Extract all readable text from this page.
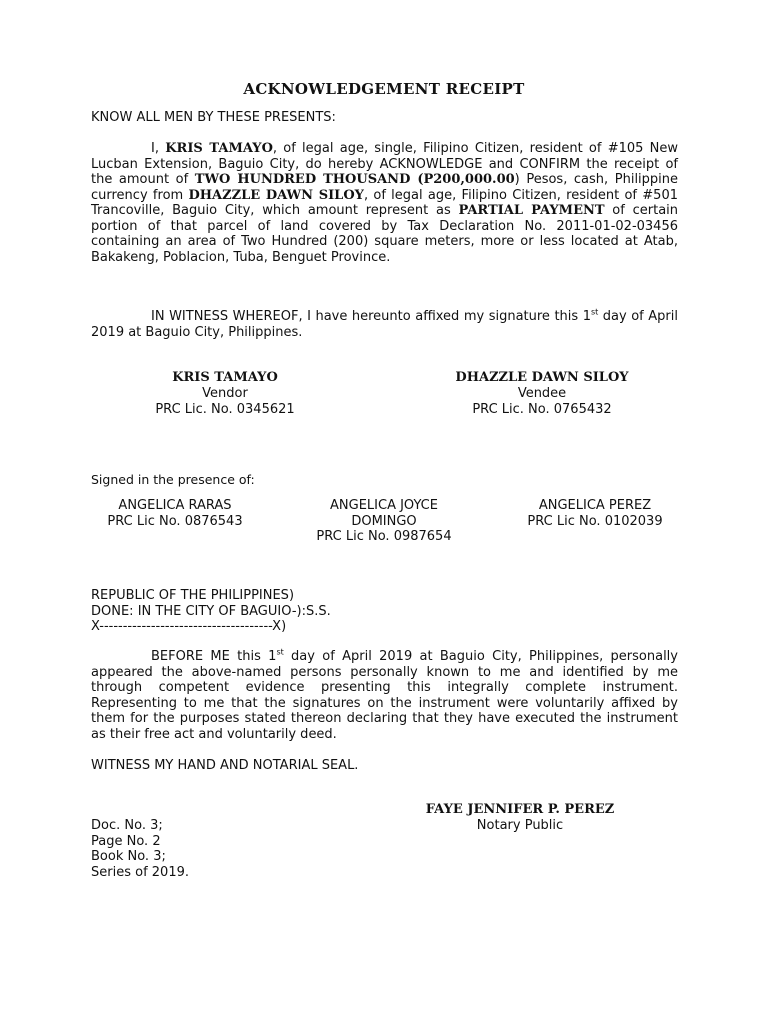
ACKNOWLEDGEMENT RECEIPT
KNOW ALL MEN BY THESE PRESENTS:
I, KRIS TAMAYO, of legal age, single, Filipino Citizen, resident of #105 New Lucban Extension, Baguio City, do hereby ACKNOWLEDGE and CONFIRM the receipt of the amount of TWO HUNDRED THOUSAND (P200,000.00) Pesos, cash, Philippine currency from DHAZZLE DAWN SILOY, of legal age, Filipino Citizen, resident of #501 Trancoville, Baguio City, which amount represent as PARTIAL PAYMENT of certain portion of that parcel of land covered by Tax Declaration No. 2011-01-02-03456 containing an area of Two Hundred (200) square meters, more or less located at Atab, Bakakeng, Poblacion, Tuba, Benguet Province.
IN WITNESS WHEREOF, I have hereunto affixed my signature this 1st day of April 2019 at Baguio City, Philippines.
KRIS TAMAYO
Vendor
PRC Lic. No. 0345621
DHAZZLE DAWN SILOY
Vendee
PRC Lic. No. 0765432
Signed in the presence of:
ANGELICA RARAS
PRC Lic No. 0876543
ANGELICA JOYCE
DOMINGO
PRC Lic No. 0987654
ANGELICA PEREZ
PRC Lic No. 0102039
REPUBLIC OF THE PHILIPPINES)
DONE: IN THE CITY OF BAGUIO-):S.S.
X-------------------------------------X)
BEFORE ME this 1st day of April 2019 at Baguio City, Philippines, personally appeared the above-named persons personally known to me and identified by me through competent evidence presenting this integrally complete instrument. Representing to me that the signatures on the instrument were voluntarily affixed by them for the purposes stated thereon declaring that they have executed the instrument as their free act and voluntarily deed.
WITNESS MY HAND AND NOTARIAL SEAL.
FAYE JENNIFER P. PEREZ
Notary Public
Doc. No. 3;
Page No. 2
Book No. 3;
Series of 2019.
